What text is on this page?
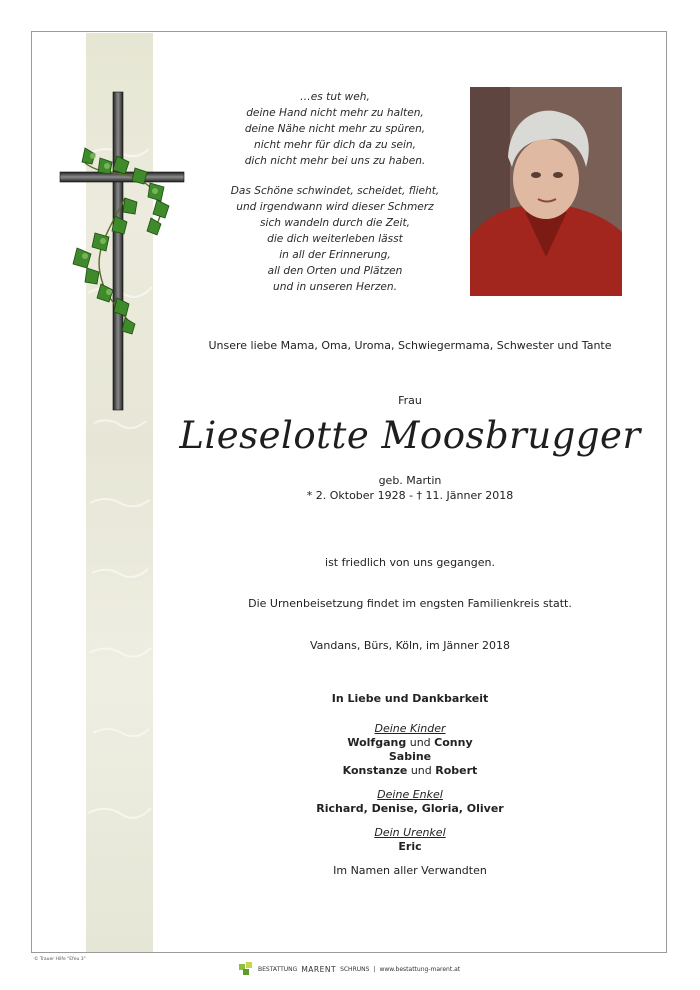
…es tut weh,
deine Hand nicht mehr zu halten,
deine Nähe nicht mehr zu spüren,
nicht mehr für dich da zu sein,
dich nicht mehr bei uns zu haben.
Das Schöne schwindet, scheidet, flieht,
und irgendwann wird dieser Schmerz
sich wandeln durch die Zeit,
die dich weiterleben lässt
in all der Erinnerung,
all den Orten und Plätzen
und in unseren Herzen.
Unsere liebe Mama, Oma, Uroma, Schwiegermama, Schwester und Tante
Frau
Lieselotte Moosbrugger
geb. Martin
* 2. Oktober 1928 - † 11. Jänner 2018
ist friedlich von uns gegangen.
Die Urnenbeisetzung findet im engsten Familienkreis statt.
Vandans, Bürs, Köln, im Jänner 2018
In Liebe und Dankbarkeit
Deine Kinder
Wolfgang und Conny
Sabine
Konstanze und Robert
Deine Enkel
Richard, Denise, Gloria, Oliver
Dein Urenkel
Eric
Im Namen aller Verwandten
© Trauer Hilfe "Efeu 3"
BESTATTUNG MARENT SCHRUNS | www.bestattung-marent.at
